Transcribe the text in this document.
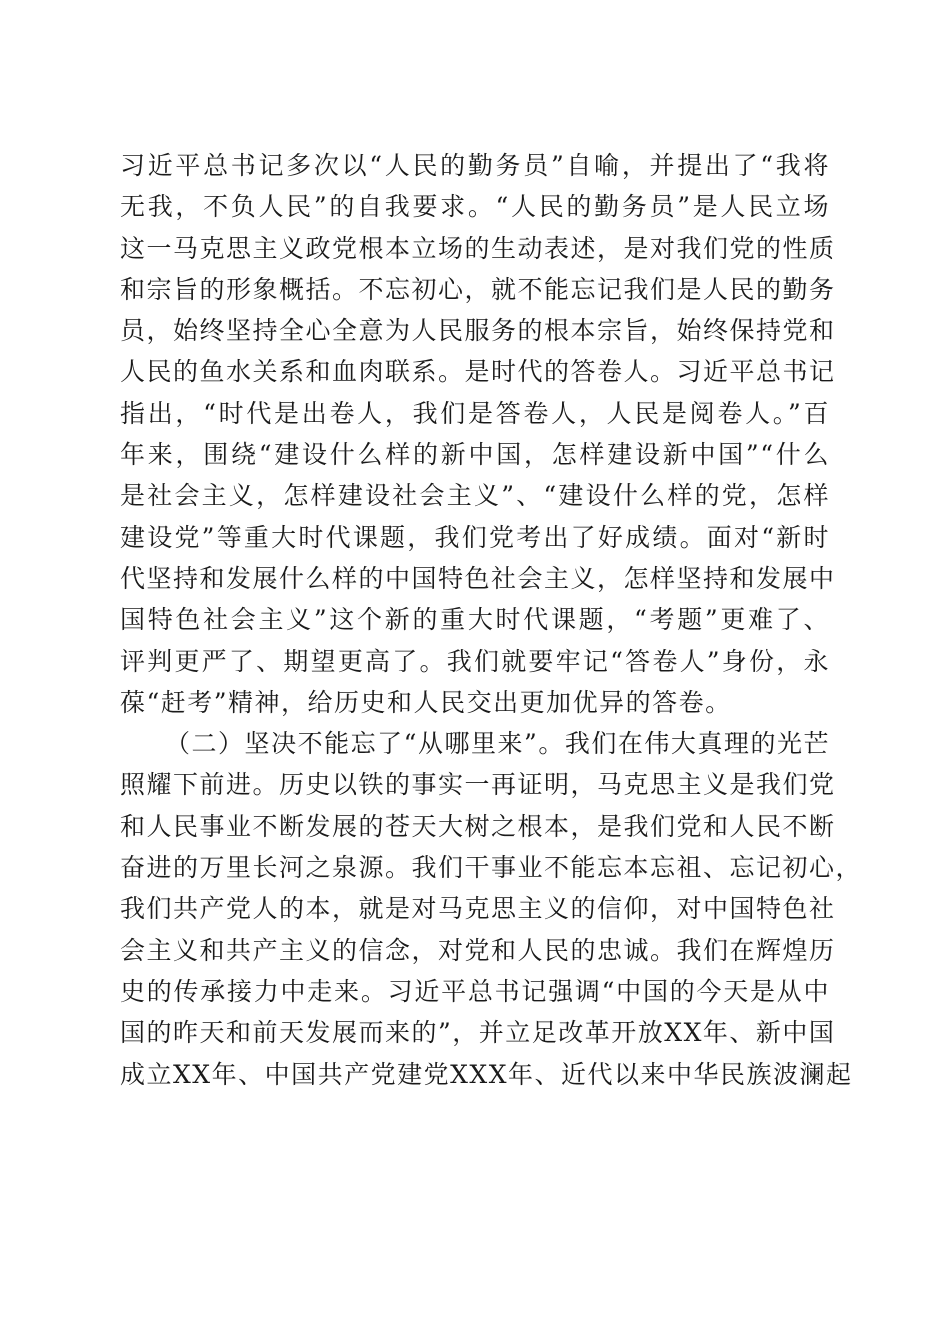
习近平总书记多次以“人民的勤务员”自喻，并提出了“我将
无我，不负人民”的自我要求。“人民的勤务员”是人民立场
这一马克思主义政党根本立场的生动表述，是对我们党的性质
和宗旨的形象概括。不忘初心，就不能忘记我们是人民的勤务
员，始终坚持全心全意为人民服务的根本宗旨，始终保持党和
人民的鱼水关系和血肉联系。是时代的答卷人。习近平总书记
指出，“时代是出卷人，我们是答卷人，人民是阅卷人。”百
年来，围绕“建设什么样的新中国，怎样建设新中国”“什么
是社会主义，怎样建设社会主义”、“建设什么样的党，怎样
建设党”等重大时代课题，我们党考出了好成绩。面对“新时
代坚持和发展什么样的中国特色社会主义，怎样坚持和发展中
国特色社会主义”这个新的重大时代课题，“考题”更难了、
评判更严了、期望更高了。我们就要牢记“答卷人”身份，永
葆“赶考”精神，给历史和人民交出更加优异的答卷。
（二）坚决不能忘了“从哪里来”。我们在伟大真理的光芒
照耀下前进。历史以铁的事实一再证明，马克思主义是我们党
和人民事业不断发展的苍天大树之根本，是我们党和人民不断
奋进的万里长河之泉源。我们干事业不能忘本忘祖、忘记初心，
我们共产党人的本，就是对马克思主义的信仰，对中国特色社
会主义和共产主义的信念，对党和人民的忠诚。我们在辉煌历
史的传承接力中走来。习近平总书记强调“中国的今天是从中
国的昨天和前天发展而来的”，并立足改革开放XX年、新中国
成立XX年、中国共产党建党XXX年、近代以来中华民族波澜起
